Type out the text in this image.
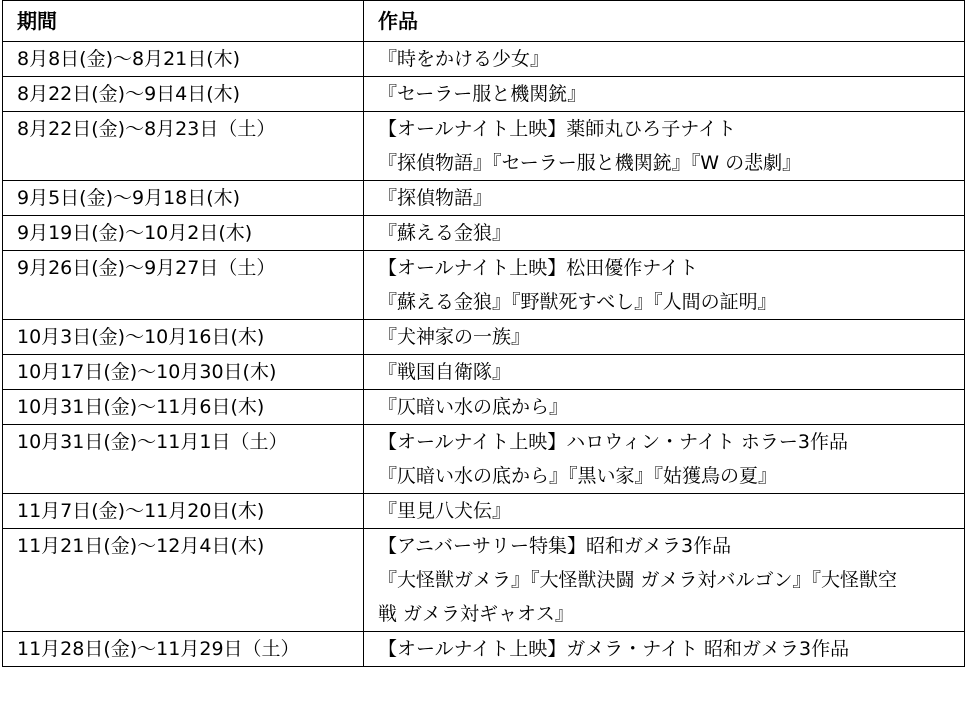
期間	作品
8月8日(金)～8月21日(木)	『時をかける少女』

8月22日(金)～9日4日(木)	『セーラー服と機関銃』

8月22日(金)～8月23日（土）	【オールナイト上映】薬師丸ひろ子ナイト
『探偵物語』『セーラー服と機関銃』『W の悲劇』

9月5日(金)～9月18日(木)	『探偵物語』

9月19日(金)～10月2日(木)	『蘇える金狼』

9月26日(金)～9月27日（土）	【オールナイト上映】松田優作ナイト
『蘇える金狼』『野獣死すべし』『人間の証明』

10月3日(金)～10月16日(木)	『犬神家の一族』

10月17日(金)～10月30日(木)	『戦国自衛隊』

10月31日(金)～11月6日(木)	『仄暗い水の底から』

10月31日(金)～11月1日（土）	【オールナイト上映】ハロウィン・ナイト ホラー3作品
『仄暗い水の底から』『黒い家』『姑獲鳥の夏』

11月7日(金)～11月20日(木)	『里見八犬伝』

11月21日(金)～12月4日(木)	【アニバーサリー特集】昭和ガメラ3作品
『大怪獣ガメラ』『大怪獣決闘 ガメラ対バルゴン』『大怪獣空
戦 ガメラ対ギャオス』

11月28日(金)～11月29日（土）	【オールナイト上映】ガメラ・ナイト 昭和ガメラ3作品
